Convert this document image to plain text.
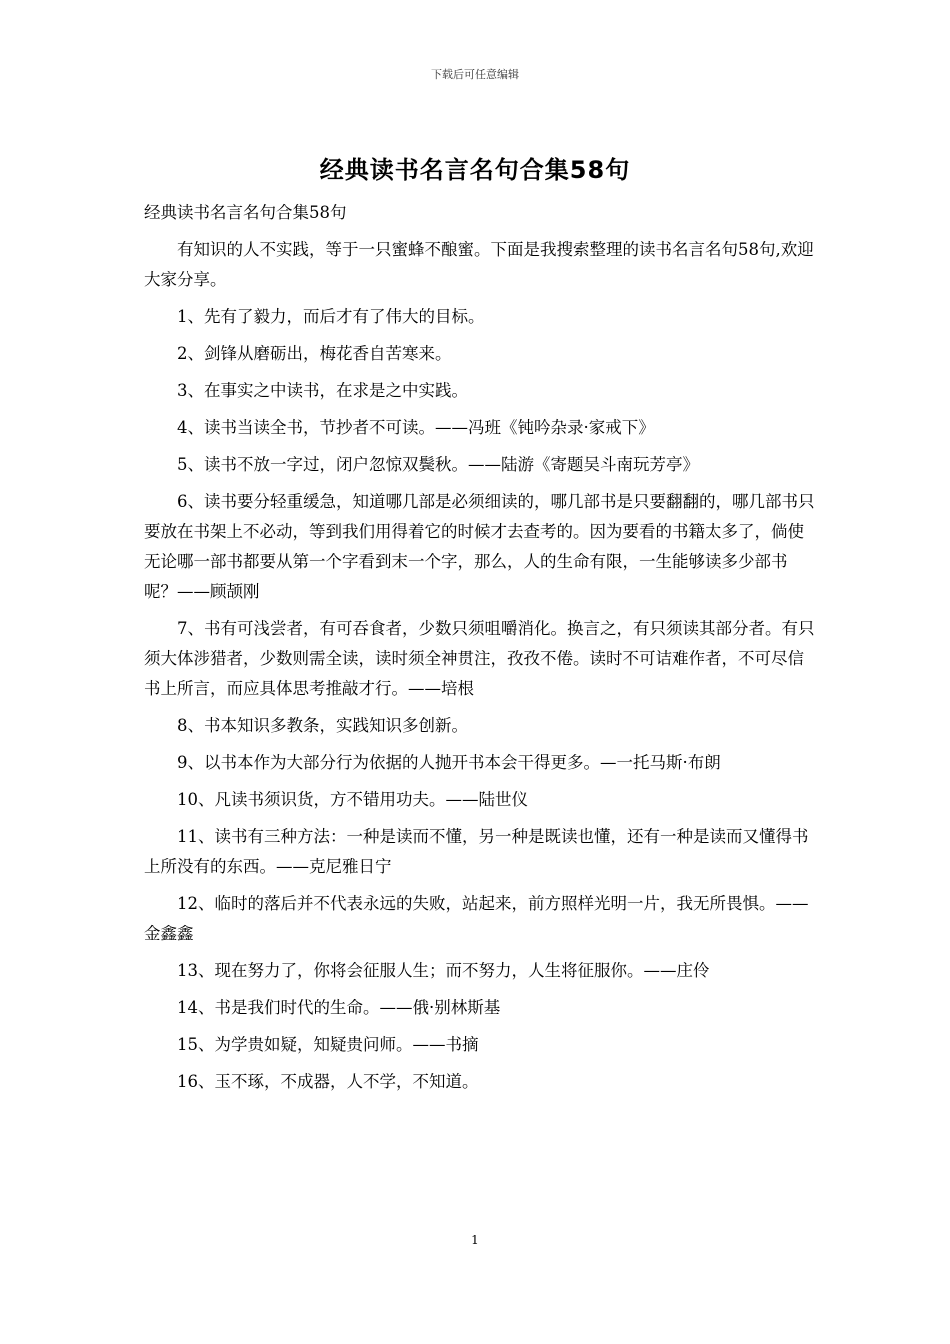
下载后可任意编辑
经典读书名言名句合集58句

经典读书名言名句合集58句

有知识的人不实践，等于一只蜜蜂不酿蜜。下面是我搜索整理的读书名言名句58句,欢迎大家分享。

1、先有了毅力，而后才有了伟大的目标。

2、剑锋从磨砺出，梅花香自苦寒来。

3、在事实之中读书，在求是之中实践。

4、读书当读全书，节抄者不可读。——冯班《钝吟杂录·家戒下》

5、读书不放一字过，闭户忽惊双鬓秋。——陆游《寄题吴斗南玩芳亭》

6、读书要分轻重缓急，知道哪几部是必须细读的，哪几部书是只要翻翻的，哪几部书只要放在书架上不必动，等到我们用得着它的时候才去查考的。因为要看的书籍太多了，倘使无论哪一部书都要从第一个字看到末一个字，那么，人的生命有限，一生能够读多少部书呢？——顾颉刚

7、书有可浅尝者，有可吞食者，少数只须咀嚼消化。换言之，有只须读其部分者。有只须大体涉猎者，少数则需全读，读时须全神贯注，孜孜不倦。读时不可诘难作者，不可尽信书上所言，而应具体思考推敲才行。——培根

8、书本知识多教条，实践知识多创新。

9、以书本作为大部分行为依据的人抛开书本会干得更多。—一托马斯·布朗

10、凡读书须识货，方不错用功夫。——陆世仪

11、读书有三种方法：一种是读而不懂，另一种是既读也懂，还有一种是读而又懂得书上所没有的东西。——克尼雅日宁

12、临时的落后并不代表永远的失败，站起来，前方照样光明一片，我无所畏惧。——金鑫鑫

13、现在努力了，你将会征服人生；而不努力，人生将征服你。——庄伶

14、书是我们时代的生命。——俄·别林斯基

15、为学贵如疑，知疑贵问师。——书摘

16、玉不琢，不成器，人不学，不知道。

1
